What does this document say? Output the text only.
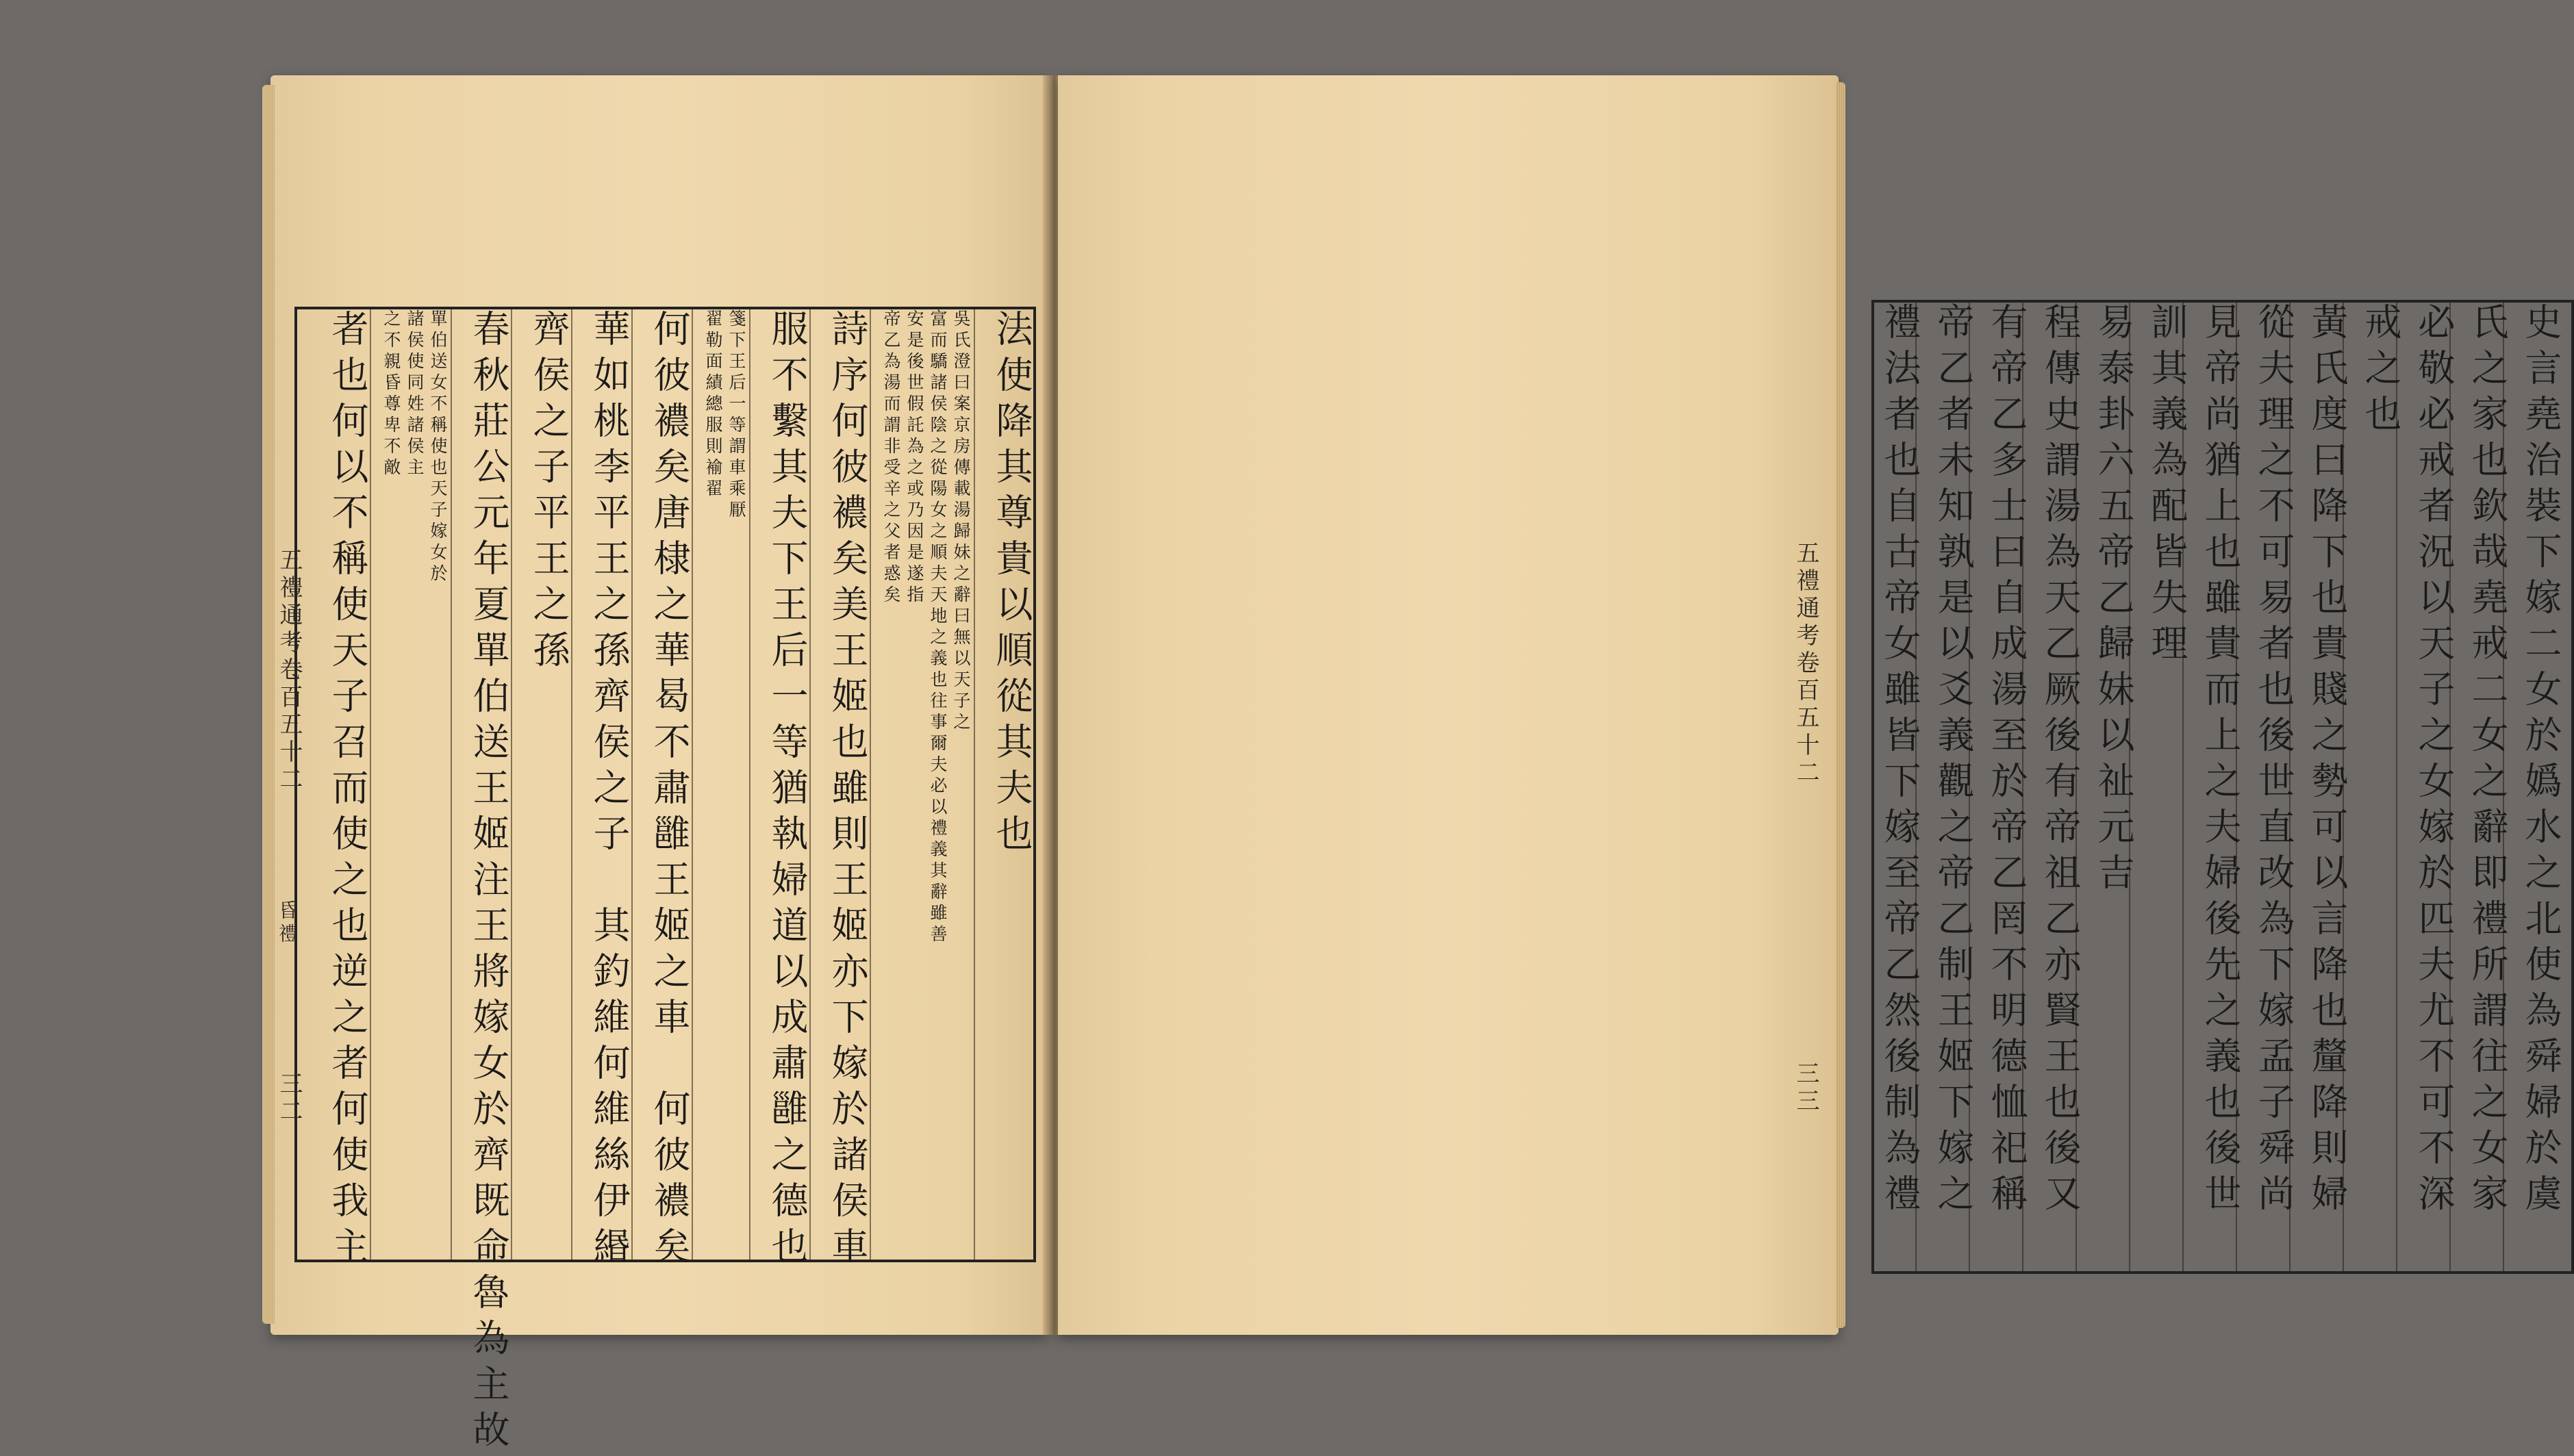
法使降其尊貴以順從其夫也
吳氏澄曰案京房傳載湯歸妹之辭曰無以天子之
富而驕諸侯陰之從陽女之順夫天地之義也往事爾夫必以禮義其辭雖善
安是後世假託為之或乃因是遂指
帝乙為湯而謂非受辛之父者惑矣
詩序何彼襛矣美王姬也雖則王姬亦下嫁於諸侯車
服不繫其夫下王后一等猶執婦道以成肅雝之德也
箋下王后一等謂車乘厭
翟勒面績總服則褕翟
何彼襛矣唐棣之華曷不肅雝王姬之車　何彼襛矣
華如桃李平王之孫齊侯之子　其釣維何維絲伊緡
齊侯之子平王之孫
春秋莊公元年夏單伯送王姬注王將嫁女於齊既命魯為主故
單伯送女不稱使也天子嫁女於
諸侯使同姓諸侯主
之不親昏尊卑不敵
者也何以不稱使天子召而使之也逆之者何使我主
五禮通考卷百五十二
昏禮
三二	史言堯治裝下嫁二女於嬀水之北使為舜婦於虞
氏之家也欽哉堯戒二女之辭即禮所謂往之女家
必敬必戒者況以天子之女嫁於匹夫尤不可不深
戒之也
黃氏度曰降下也貴賤之勢可以言降也釐降則婦
從夫理之不可易者也後世直改為下嫁孟子舜尚
見帝尚猶上也雖貴而上之夫婦後先之義也後世
訓其義為配皆失理
易泰卦六五帝乙歸妹以祉元吉
程傳史謂湯為天乙厥後有帝祖乙亦賢王也後又
有帝乙多士曰自成湯至於帝乙罔不明德恤祀稱
帝乙者未知孰是以爻義觀之帝乙制王姬下嫁之
禮法者也自古帝女雖皆下嫁至帝乙然後制為禮
五禮通考卷百五十二
三三
